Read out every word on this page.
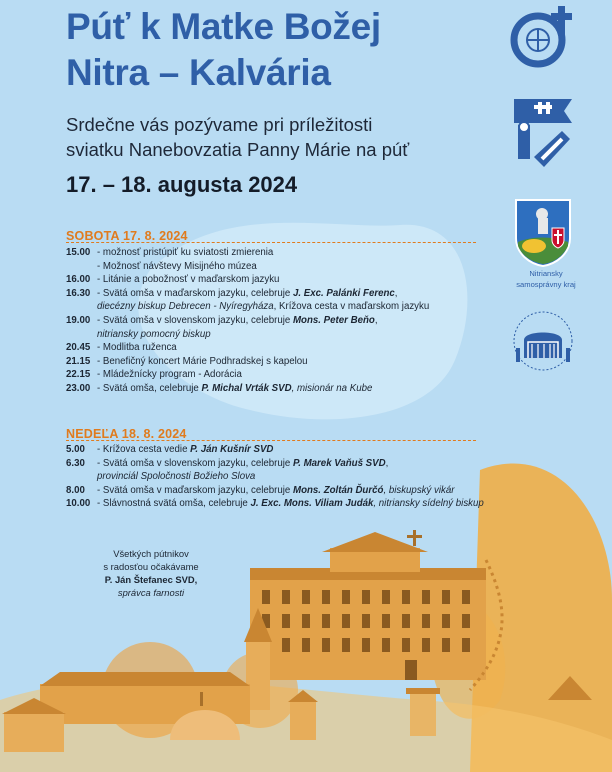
Púť k Matke Božej
Nitra – Kalvária
Srdečne vás pozývame pri príležitosti
sviatku Nanebovzatia Panny Márie na púť
17. – 18. augusta 2024
SOBOTA 17. 8. 2024
15.00 - možnosť pristúpiť ku sviatosti zmierenia
- Možnosť návštevy Misijného múzea
16.00 - Litánie a pobožnosť v maďarskom jazyku
16.30 - Svätá omša v maďarskom jazyku, celebruje J. Exc. Palánki Ferenc,
diecézny biskup Debrecen - Nyíregyháza, Krížova cesta v maďarskom jazyku
19.00 - Svätá omša v slovenskom jazyku, celebruje Mons. Peter Beňo,
nitriansky pomocný biskup
20.45 - Modlitba ruženca
21.15 - Benefičný koncert Márie Podhradskej s kapelou
22.15 - Mládežnícky program - Adorácia
23.00 - Svätá omša, celebruje P. Michal Vrták SVD, misionár na Kube
NEDEĽA 18. 8. 2024
5.00	- Krížova cesta vedie P. Ján Kušnír SVD
6.30	- Svätá omša v slovenskom jazyku, celebruje P. Marek Vaňuš SVD,
provinciál Spoločnosti Božieho Slova
8.00	- Svätá omša v maďarskom jazyku, celebruje Mons. Zoltán Ďurčó, biskupský vikár
10.00 - Slávnostná svätá omša, celebruje J. Exc. Mons. Viliam Judák, nitriansky sídelný biskup
Všetkých pútnikov
s radosťou očakávame
P. Ján Štefanec SVD,
správca farnosti
Nitriansky
samosprávny kraj
